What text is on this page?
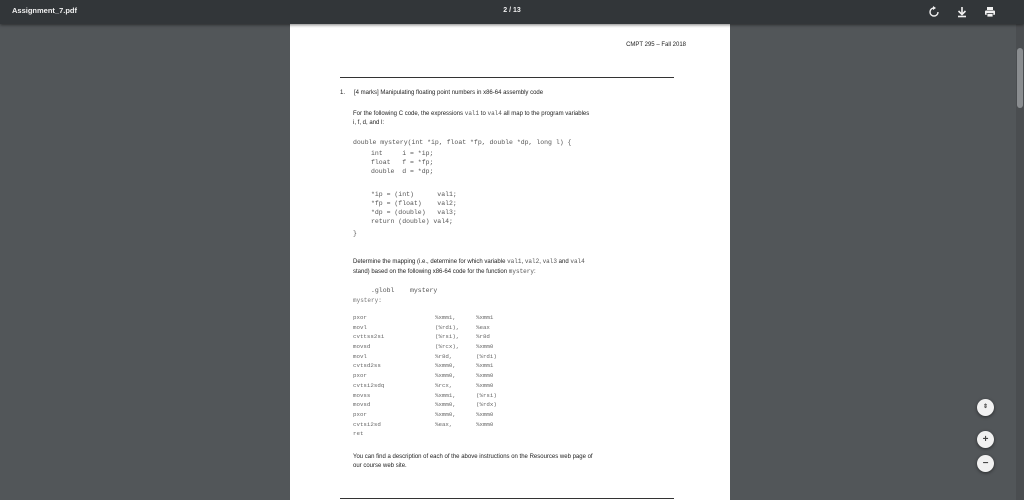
Assignment_7.pdf	2 / 13
CMPT 295 – Fall 2018
1. [4 marks] Manipulating floating point numbers in x86-64 assembly code
For the following C code, the expressions val1 to val4 all map to the program variables
i, f, d, and l:
double mystery(int *ip, float *fp, double *dp, long l) {
int     i = *ip;
float   f = *fp;
double  d = *dp;
*ip = (int)      val1;
*fp = (float)    val2;
*dp = (double)   val3;
return (double) val4;
}
Determine the mapping (i.e., determine for which variable val1, val2, val3 and val4
stand) based on the following x86-64 code for the function mystery:
.globl    mystery
mystery:
pxor	%xmm1,	%xmm1
movl	(%rdi),	%eax
cvttss2si	(%rsi),	%r8d
movsd	(%rcx),	%xmm0
movl	%r8d,	(%rdi)
cvtsd2ss	%xmm0,	%xmm1
pxor	%xmm0,	%xmm0
cvtsi2sdq	%rcx,	%xmm0
movss	%xmm1,	(%rsi)
movsd	%xmm0,	(%rdx)
pxor	%xmm0,	%xmm0
cvtsi2sd	%eax,	%xmm0
ret
You can find a description of each of the above instructions on the Resources web page of
our course web site.
⇕
+
−
